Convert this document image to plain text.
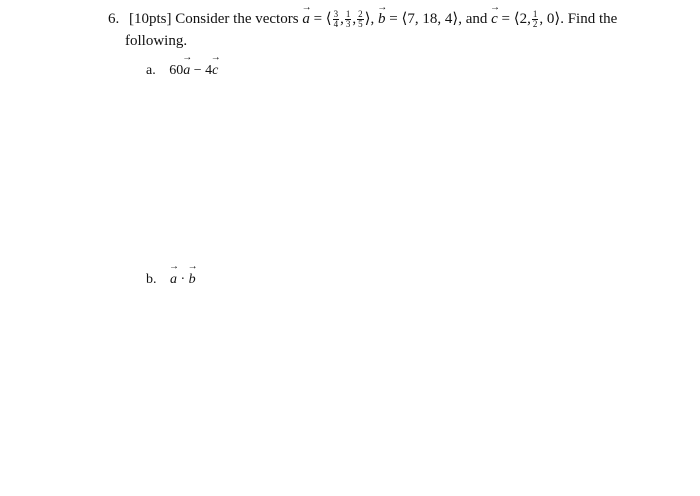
6. [10pts] Consider the vectors → a = ⟨ $\frac{3}{4}$ , $\frac{1}{3}$ , $\frac{2}{5}$ ⟩, → b = ⟨7, 18, 4⟩, and → c = ⟨2, $\frac{1}{2}$ , 0⟩. Find the
following.
a. 60→ a − 4→ c
b. → a · → b
